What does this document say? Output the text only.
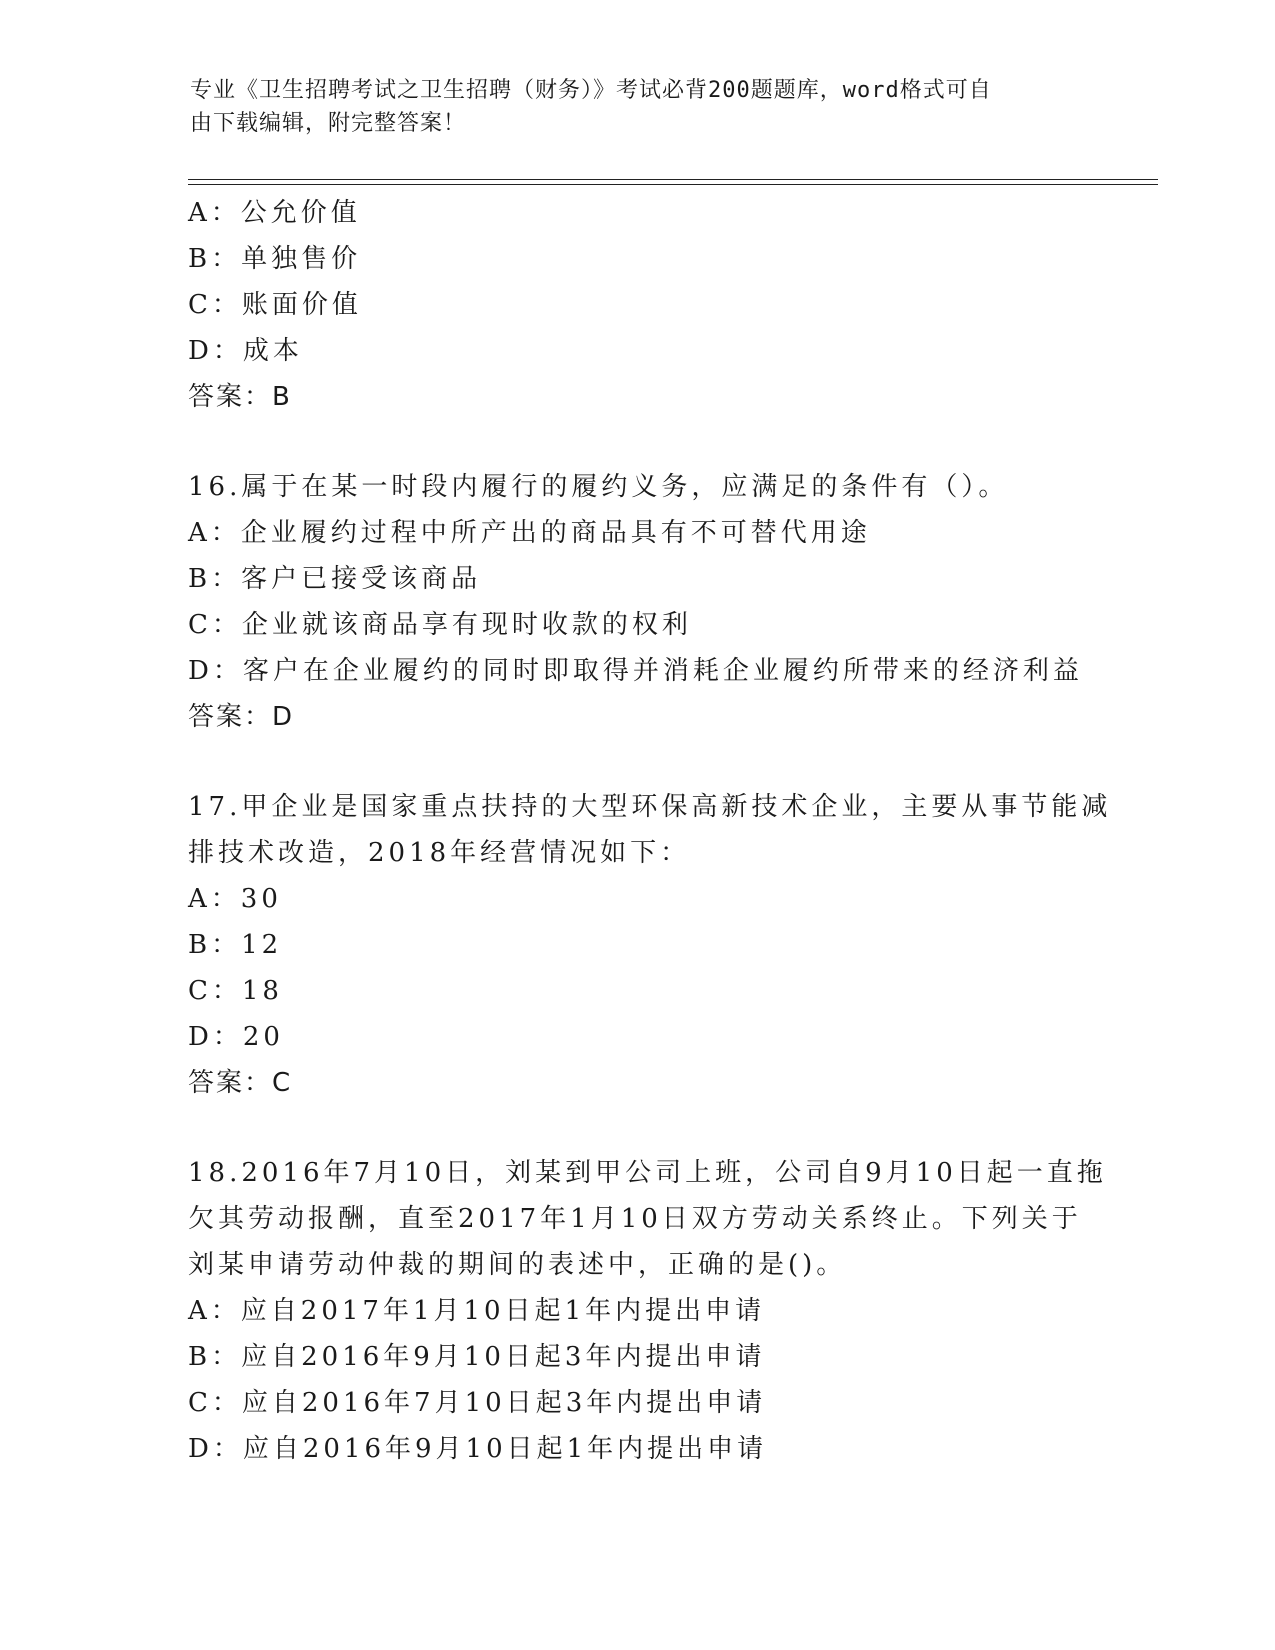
专业《卫生招聘考试之卫生招聘（财务）》考试必背200题题库，word格式可自
由下载编辑，附完整答案！
A：公允价值
B：单独售价
C：账面价值
D：成本
答案：B
16.属于在某一时段内履行的履约义务，应满足的条件有（）。
A：企业履约过程中所产出的商品具有不可替代用途
B：客户已接受该商品
C：企业就该商品享有现时收款的权利
D：客户在企业履约的同时即取得并消耗企业履约所带来的经济利益
答案：D
17.甲企业是国家重点扶持的大型环保高新技术企业，主要从事节能减
排技术改造，2018年经营情况如下：
A：30
B：12
C：18
D：20
答案：C
18.2016年7月10日，刘某到甲公司上班，公司自9月10日起一直拖
欠其劳动报酬，直至2017年1月10日双方劳动关系终止。下列关于
刘某申请劳动仲裁的期间的表述中，正确的是()。
A：应自2017年1月10日起1年内提出申请
B：应自2016年9月10日起3年内提出申请
C：应自2016年7月10日起3年内提出申请
D：应自2016年9月10日起1年内提出申请
